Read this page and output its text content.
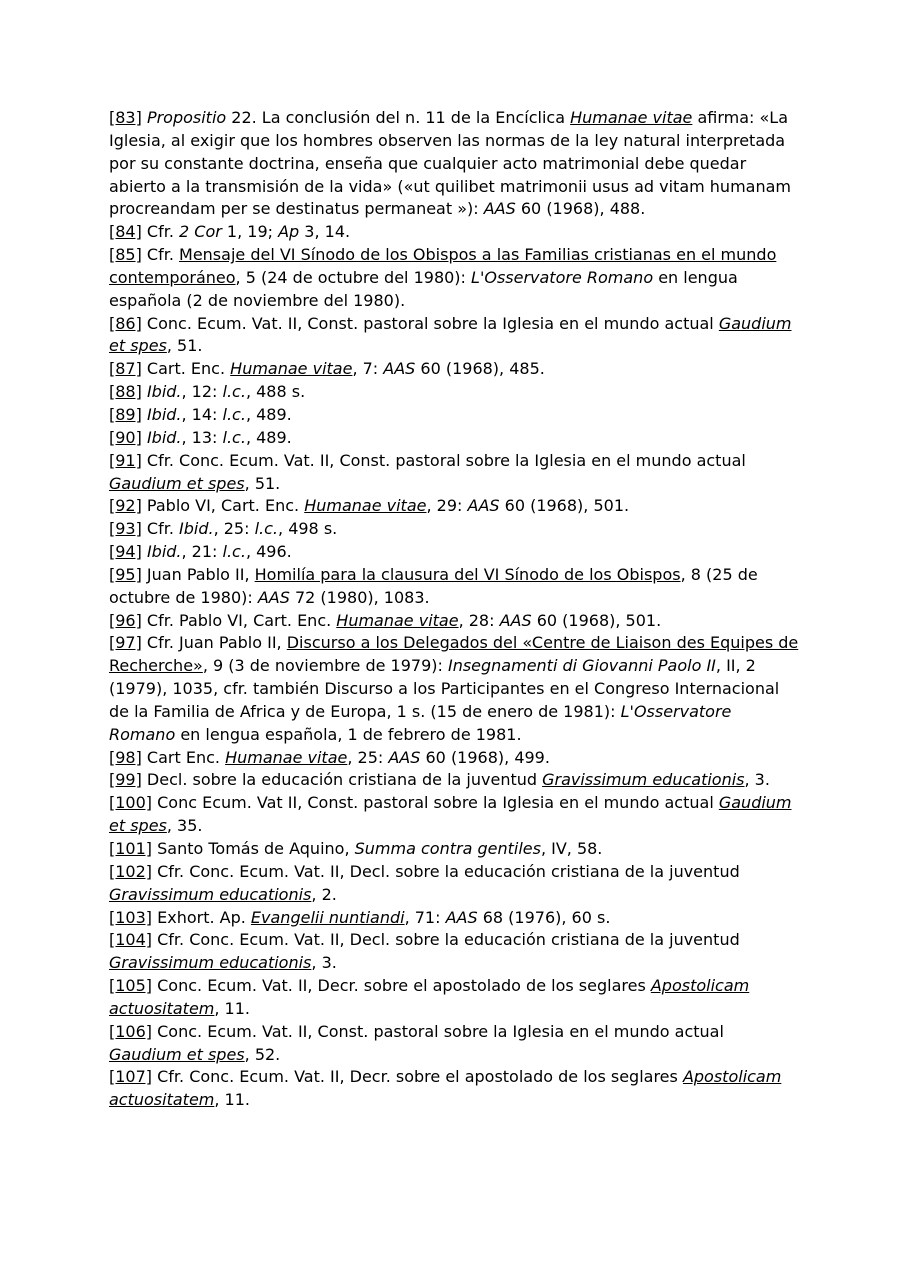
[83] Propositio 22. La conclusión del n. 11 de la Encíclica Humanae vitae afirma: «La Iglesia, al exigir que los hombres observen las normas de la ley natural interpretada por su constante doctrina, enseña que cualquier acto matrimonial debe quedar abierto a la transmisión de la vida» («ut quilibet matrimonii usus ad vitam humanam procreandam per se destinatus permaneat »): AAS 60 (1968), 488.

[84] Cfr. 2 Cor 1, 19; Ap 3, 14.

[85] Cfr. Mensaje del VI Sínodo de los Obispos a las Familias cristianas en el mundo contemporáneo, 5 (24 de octubre del 1980): L'Osservatore Romano en lengua española (2 de noviembre del 1980).

[86] Conc. Ecum. Vat. II, Const. pastoral sobre la Iglesia en el mundo actual Gaudium et spes, 51.

[87] Cart. Enc. Humanae vitae, 7: AAS 60 (1968), 485.

[88] Ibid., 12: l.c., 488 s.

[89] Ibid., 14: l.c., 489.

[90] Ibid., 13: l.c., 489.

[91] Cfr. Conc. Ecum. Vat. II, Const. pastoral sobre la Iglesia en el mundo actual Gaudium et spes, 51.

[92] Pablo VI, Cart. Enc. Humanae vitae, 29: AAS 60 (1968), 501.

[93] Cfr. Ibid., 25: l.c., 498 s.

[94] Ibid., 21: l.c., 496.

[95] Juan Pablo II, Homilía para la clausura del VI Sínodo de los Obispos, 8 (25 de octubre de 1980): AAS 72 (1980), 1083.

[96] Cfr. Pablo VI, Cart. Enc. Humanae vitae, 28: AAS 60 (1968), 501.

[97] Cfr. Juan Pablo II, Discurso a los Delegados del «Centre de Liaison des Equipes de Recherche», 9 (3 de noviembre de 1979): Insegnamenti di Giovanni Paolo II, II, 2 (1979), 1035, cfr. también Discurso a los Participantes en el Congreso Internacional de la Familia de Africa y de Europa, 1 s. (15 de enero de 1981): L'Osservatore Romano en lengua española, 1 de febrero de 1981.

[98] Cart Enc. Humanae vitae, 25: AAS 60 (1968), 499.

[99] Decl. sobre la educación cristiana de la juventud Gravissimum educationis, 3.

[100] Conc Ecum. Vat II, Const. pastoral sobre la Iglesia en el mundo actual Gaudium et spes, 35.

[101] Santo Tomás de Aquino, Summa contra gentiles, IV, 58.

[102] Cfr. Conc. Ecum. Vat. II, Decl. sobre la educación cristiana de la juventud Gravissimum educationis, 2.

[103] Exhort. Ap. Evangelii nuntiandi, 71: AAS 68 (1976), 60 s.

[104] Cfr. Conc. Ecum. Vat. II, Decl. sobre la educación cristiana de la juventud Gravissimum educationis, 3.

[105] Conc. Ecum. Vat. II, Decr. sobre el apostolado de los seglares Apostolicam actuositatem, 11.

[106] Conc. Ecum. Vat. II, Const. pastoral sobre la Iglesia en el mundo actual Gaudium et spes, 52.

[107] Cfr. Conc. Ecum. Vat. II, Decr. sobre el apostolado de los seglares Apostolicam actuositatem, 11.
